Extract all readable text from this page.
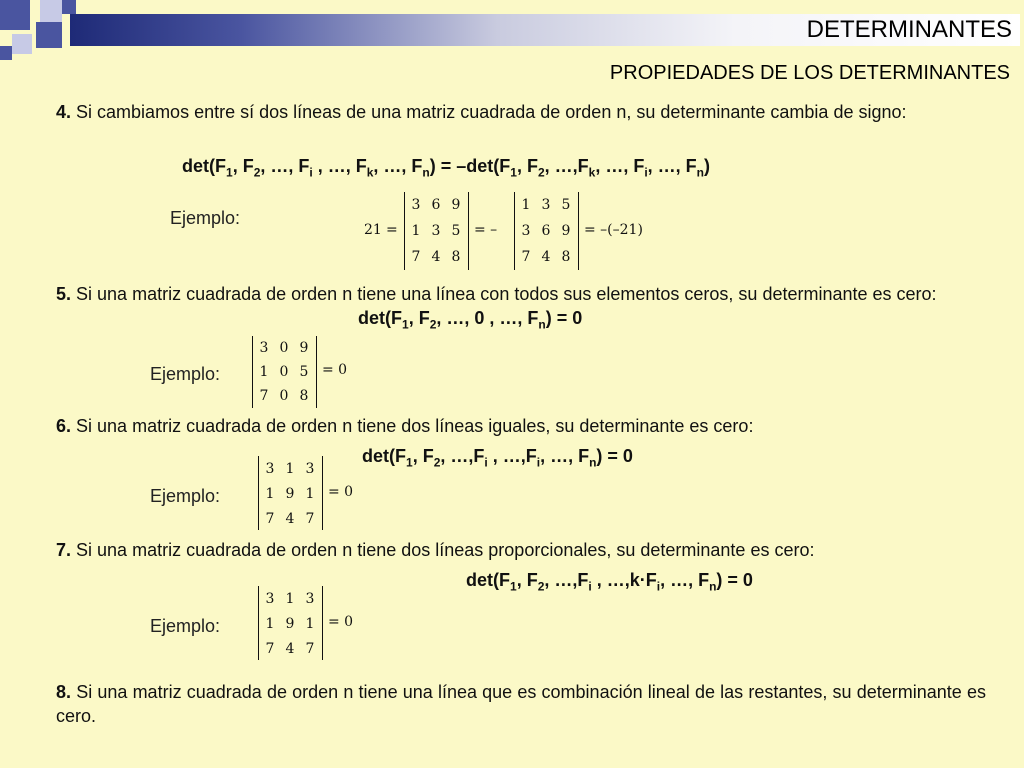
DETERMINANTES
PROPIEDADES DE LOS DETERMINANTES
4. Si cambiamos entre sí dos líneas de una matriz cuadrada de orden n, su determinante cambia de signo:
$\det(F_1$, $F_2$, …, $F_i$ , …, $F_k$, …, $F_n) = -\det(F_1$, $F_2$, $\dots,F_k$, …, $F_i$, …, $F_n$)
Ejemplo:
21 =
3 6 9
1 3 5
7 4 8
= –
1 3 5
3 6 9
7 4 8
= –(–21)
5. Si una matriz cuadrada de orden n tiene una línea con todos sus elementos ceros, su determinante es cero:
$\det(F_1$, $F_2$, …, 0 , …, $F_n) = 0$
Ejemplo:
3 0 9
1 0 5
7 0 8
= 0
6. Si una matriz cuadrada de orden n tiene dos líneas iguales, su determinante es cero:
$\det(F_1$, $F_2$, $\dots,F_i$ , $\dots,F_i$, …, $F_n) = 0$
Ejemplo:
3 1 3
1 9 1
7 4 7
= 0
7. Si una matriz cuadrada de orden n tiene dos líneas proporcionales, su determinante es cero:
$\det(F_1$, $F_2$, $\dots,F_i$ , $\dots,k\cdot F_i$, …, $F_n) = 0$
Ejemplo:
3 1 3
1 9 1
7 4 7
= 0
8. Si una matriz cuadrada de orden n tiene una línea que es combinación lineal de las restantes, su determinante es cero.
